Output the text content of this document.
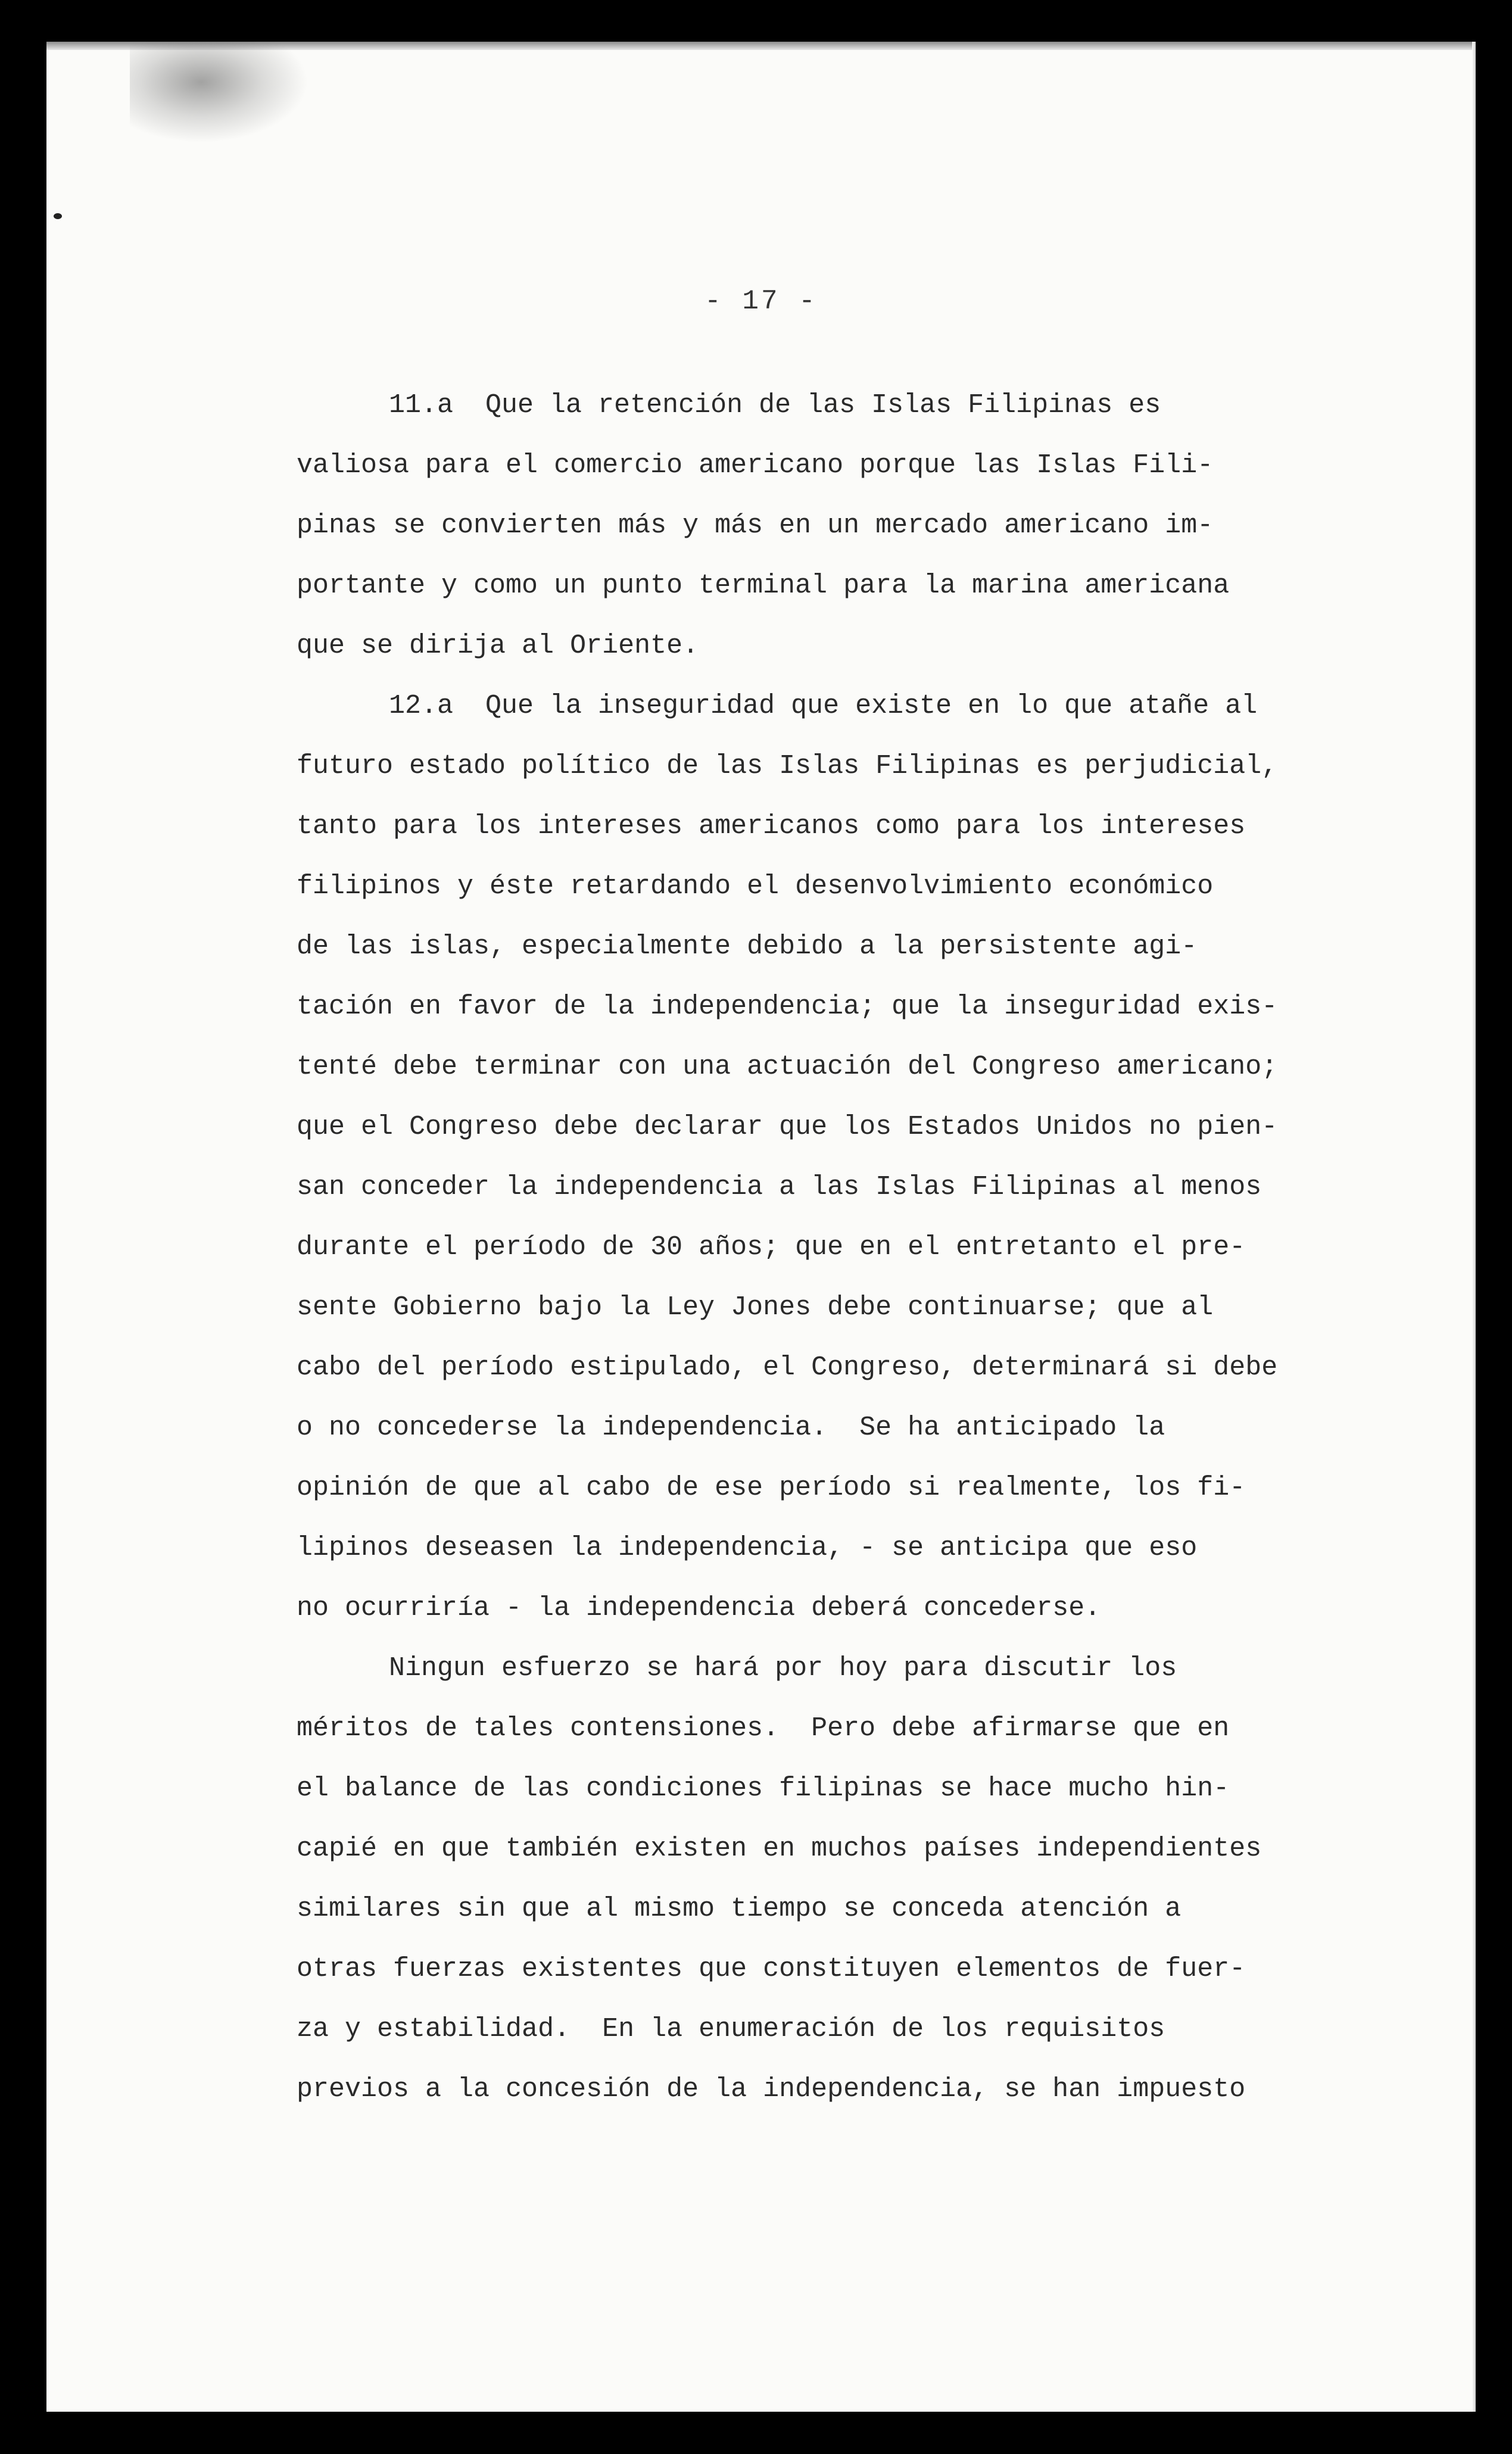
- 17 -
11.a  Que la retención de las Islas Filipinas es
valiosa para el comercio americano porque las Islas Fili-
pinas se convierten más y más en un mercado americano im-
portante y como un punto terminal para la marina americana
que se dirija al Oriente.
12.a  Que la inseguridad que existe en lo que atañe al
futuro estado político de las Islas Filipinas es perjudicial,
tanto para los intereses americanos como para los intereses
filipinos y éste retardando el desenvolvimiento económico
de las islas, especialmente debido a la persistente agi-
tación en favor de la independencia; que la inseguridad exis-
tenté debe terminar con una actuación del Congreso americano;
que el Congreso debe declarar que los Estados Unidos no pien-
san conceder la independencia a las Islas Filipinas al menos
durante el período de 30 años; que en el entretanto el pre-
sente Gobierno bajo la Ley Jones debe continuarse; que al
cabo del período estipulado, el Congreso, determinará si debe
o no concederse la independencia.  Se ha anticipado la
opinión de que al cabo de ese período si realmente, los fi-
lipinos deseasen la independencia, - se anticipa que eso
no ocurriría - la independencia deberá concederse.
Ningun esfuerzo se hará por hoy para discutir los
méritos de tales contensiones.  Pero debe afirmarse que en
el balance de las condiciones filipinas se hace mucho hin-
capié en que también existen en muchos países independientes
similares sin que al mismo tiempo se conceda atención a
otras fuerzas existentes que constituyen elementos de fuer-
za y estabilidad.  En la enumeración de los requisitos
previos a la concesión de la independencia, se han impuesto
